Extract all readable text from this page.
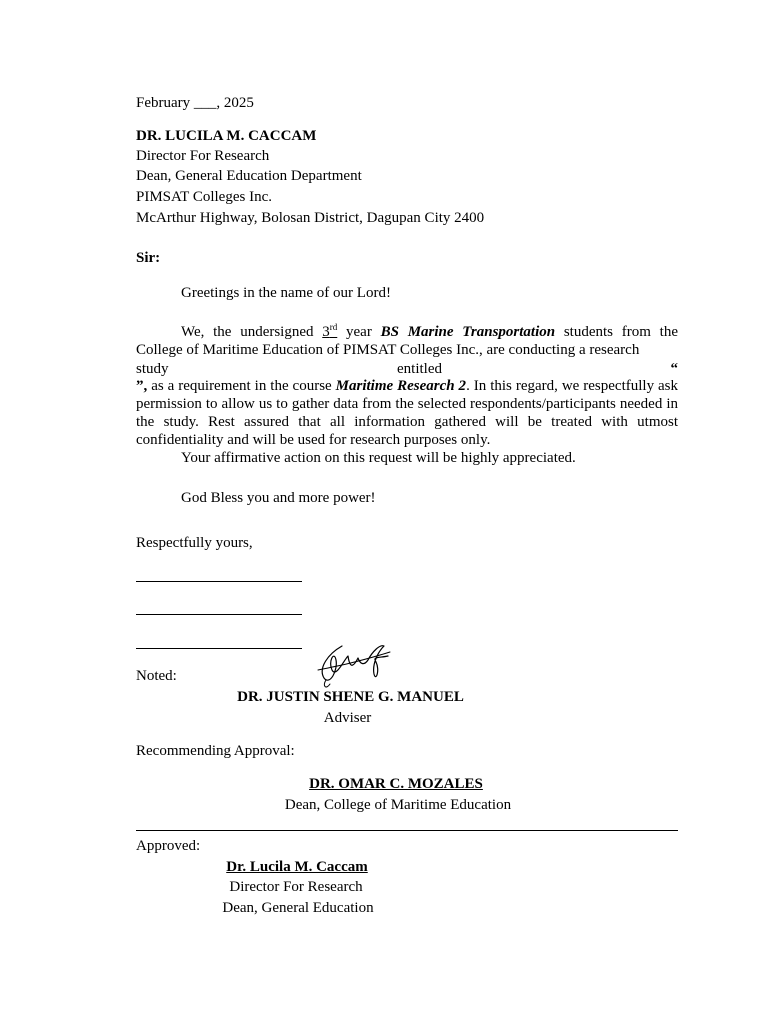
February ___, 2025
DR. LUCILA M. CACCAM
Director For Research
Dean, General Education Department
PIMSAT Colleges Inc.
McArthur Highway, Bolosan District, Dagupan City 2400
Sir:
Greetings in the name of our Lord!
We, the undersigned 3rd year BS Marine Transportation students from the College of Maritime Education of PIMSAT Colleges Inc., are conducting a research
study	entitled	“
”, as a requirement in the course Maritime Research 2. In this regard, we respectfully ask permission to allow us to gather data from the selected respondents/participants needed in the study. Rest assured that all information gathered will be treated with utmost confidentiality and will be used for research purposes only.
Your affirmative action on this request will be highly appreciated.
God Bless you and more power!
Respectfully yours,
Noted:
DR. JUSTIN SHENE G. MANUEL
Adviser
Recommending Approval:
DR. OMAR C. MOZALES
Dean, College of Maritime Education
Approved:
Dr. Lucila M. Caccam
Director For Research
Dean, General Education
